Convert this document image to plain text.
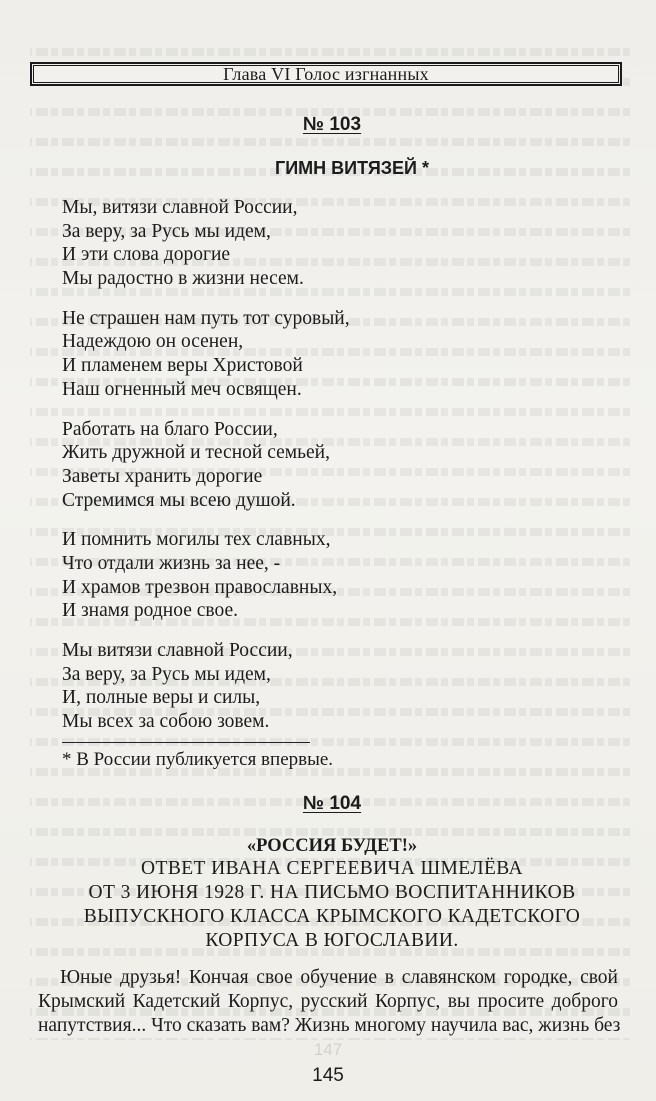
Глава VI Голос изгнанных
№ 103
ГИМН ВИТЯЗЕЙ *
Мы, витязи славной России,
За веру, за Русь мы идем,
И эти слова дорогие
Мы радостно в жизни несем.
Не страшен нам путь тот суровый,
Надеждою он осенен,
И пламенем веры Христовой
Наш огненный меч освящен.
Работать на благо России,
Жить дружной и тесной семьей,
Заветы хранить дорогие
Стремимся мы всею душой.
И помнить могилы тех славных,
Что отдали жизнь за нее, -
И храмов трезвон православных,
И знамя родное свое.
Мы витязи славной России,
За веру, за Русь мы идем,
И, полные веры и силы,
Мы всех за собою зовем.
* В России публикуется впервые.
№ 104
«РОССИЯ БУДЕТ!»
ОТВЕТ ИВАНА СЕРГЕЕВИЧА ШМЕЛЁВА
ОТ 3 ИЮНЯ 1928 Г. НА ПИСЬМО ВОСПИТАННИКОВ
ВЫПУСКНОГО КЛАССА КРЫМСКОГО КАДЕТСКОГО
КОРПУСА В ЮГОСЛАВИИ.
Юные друзья! Кончая свое обучение в славянском городке, свой
Крымский Кадетский Корпус, русский Корпус, вы просите доброго
напутствия... Что сказать вам? Жизнь многому научила вас, жизнь без
147
145
